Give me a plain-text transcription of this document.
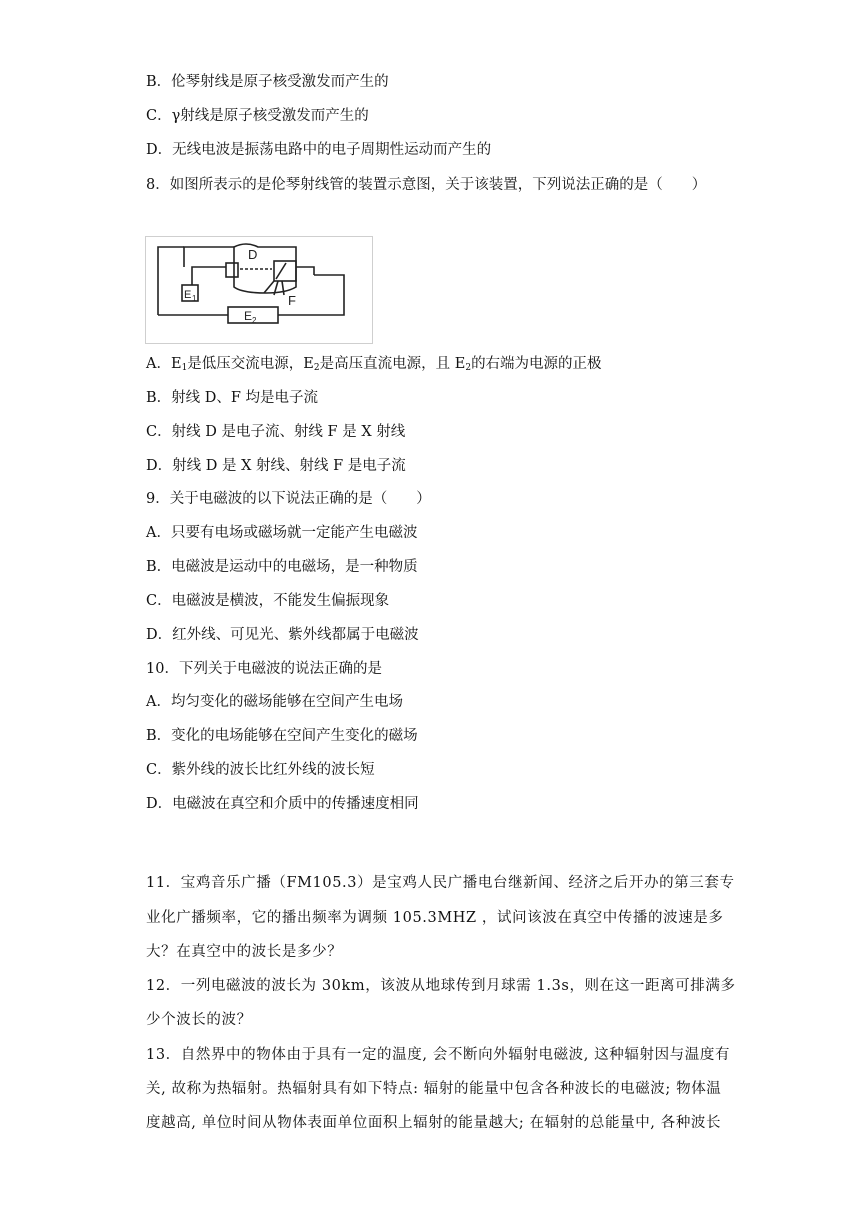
B．伦琴射线是原子核受激发而产生的
C．γ射线是原子核受激发而产生的
D．无线电波是振荡电路中的电子周期性运动而产生的
8．如图所表示的是伦琴射线管的装置示意图，关于该装置，下列说法正确的是（　　）
D
F
E 1
E 2
A．$E_1$是低压交流电源，$E_2$是高压直流电源，且 $E_2$的右端为电源的正极
B．射线 D、F 均是电子流
C．射线 D 是电子流、射线 F 是 X 射线
D．射线 D 是 X 射线、射线 F 是电子流
9．关于电磁波的以下说法正确的是（　　）
A．只要有电场或磁场就一定能产生电磁波
B．电磁波是运动中的电磁场，是一种物质
C．电磁波是横波，不能发生偏振现象
D．红外线、可见光、紫外线都属于电磁波
10．下列关于电磁波的说法正确的是
A．均匀变化的磁场能够在空间产生电场
B．变化的电场能够在空间产生变化的磁场
C．紫外线的波长比红外线的波长短
D．电磁波在真空和介质中的传播速度相同
11．宝鸡音乐广播（FM105.3）是宝鸡人民广播电台继新闻、经济之后开办的第三套专
业化广播频率，它的播出频率为调频 105.3MHZ ，试问该波在真空中传播的波速是多
大？在真空中的波长是多少？
12．一列电磁波的波长为 30km，该波从地球传到月球需 1.3s，则在这一距离可排满多
少个波长的波？
13．自然界中的物体由于具有一定的温度, 会不断向外辐射电磁波, 这种辐射因与温度有
关, 故称为热辐射。热辐射具有如下特点: 辐射的能量中包含各种波长的电磁波; 物体温
度越高, 单位时间从物体表面单位面积上辐射的能量越大; 在辐射的总能量中, 各种波长
